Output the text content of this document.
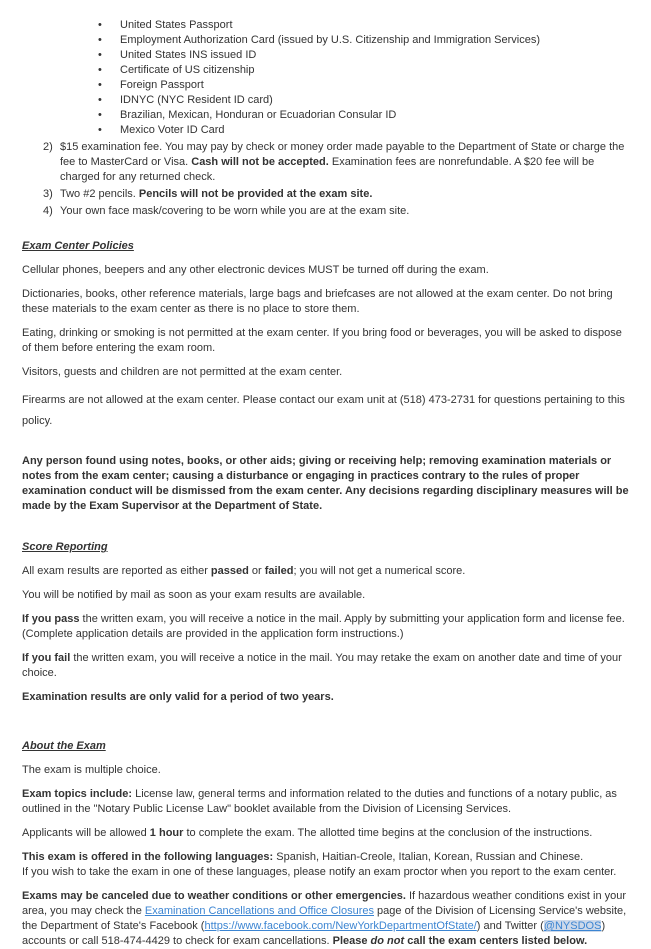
•	United States Passport
•	Employment Authorization Card (issued by U.S. Citizenship and Immigration Services)
•	United States INS issued ID
•	Certificate of US citizenship
•	Foreign Passport
•	IDNYC (NYC Resident ID card)
•	Brazilian, Mexican, Honduran or Ecuadorian Consular ID
•	Mexico Voter ID Card
2) $15 examination fee. You may pay by check or money order made payable to the Department of State or charge the fee to MasterCard or Visa. Cash will not be accepted. Examination fees are nonrefundable. A $20 fee will be charged for any returned check.
3) Two #2 pencils. Pencils will not be provided at the exam site.
4) Your own face mask/covering to be worn while you are at the exam site.
Exam Center Policies

Cellular phones, beepers and any other electronic devices MUST be turned off during the exam.

Dictionaries, books, other reference materials, large bags and briefcases are not allowed at the exam center. Do not bring these materials to the exam center as there is no place to store them.

Eating, drinking or smoking is not permitted at the exam center. If you bring food or beverages, you will be asked to dispose of them before entering the exam room.

Visitors, guests and children are not permitted at the exam center.

Firearms are not allowed at the exam center. Please contact our exam unit at (518) 473-2731 for questions pertaining to this policy.

Any person found using notes, books, or other aids; giving or receiving help; removing examination materials or notes from the exam center; causing a disturbance or engaging in practices contrary to the rules of proper examination conduct will be dismissed from the exam center. Any decisions regarding disciplinary measures will be made by the Exam Supervisor at the Department of State.

Score Reporting

All exam results are reported as either passed or failed; you will not get a numerical score.

You will be notified by mail as soon as your exam results are available.

If you pass the written exam, you will receive a notice in the mail. Apply by submitting your application form and license fee. (Complete application details are provided in the application form instructions.)

If you fail the written exam, you will receive a notice in the mail. You may retake the exam on another date and time of your choice.

Examination results are only valid for a period of two years.

About the Exam

The exam is multiple choice.

Exam topics include: License law, general terms and information related to the duties and functions of a notary public, as outlined in the "Notary Public License Law" booklet available from the Division of Licensing Services.

Applicants will be allowed 1 hour to complete the exam. The allotted time begins at the conclusion of the instructions.

This exam is offered in the following languages: Spanish, Haitian-Creole, Italian, Korean, Russian and Chinese.
If you wish to take the exam in one of these languages, please notify an exam proctor when you report to the exam center.

Exams may be canceled due to weather conditions or other emergencies. If hazardous weather conditions exist in your area, you may check the Examination Cancellations and Office Closures page of the Division of Licensing Service's website, the Department of State's Facebook (https://www.facebook.com/NewYorkDepartmentOfState/) and Twitter (@NYSDOS) accounts or call 518-474-4429 to check for exam cancellations. Please do not call the exam centers listed below.
